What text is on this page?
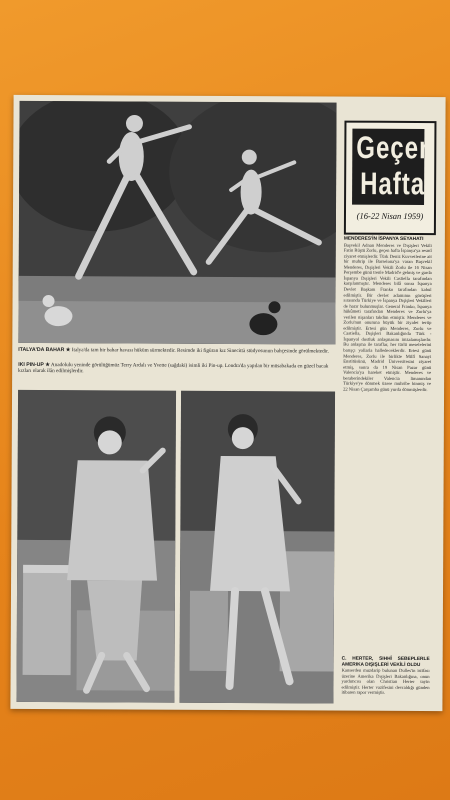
ITALYA'DA BAHAR ★ Italya'da tam bir bahar havası hüküm sürmektedir. Resimde iki figüran kız Sinecittà stüdyosunun bahçesinde görülmektedir.
IKI PIN-UP ★ Anadolulu yeninde görülüğümüz Terry Ardalı ve Yvette (sağdaki) isimli iki Pin-up. Londra'da yapılan bir müsabakada en güzel bacak kızları olarak ilân edilmişlerdir.
Geçen
Hafta
(16-22 Nisan 1959)
MENDERES'İN İSPANYA SEYAHATI
Başvekil Adnan Menderes ve Dışişleri Vekili Fatin Rüştü Zorlu, geçen hafta İspanya'ya resmî ziyaret etmişlerdir. Türk Deniz Kuvvetlerine ait bir muhrip ile Barselona'ya varan Başvekil Menderes, Dışişleri Vekili Zorlu ile 16 Nisan Perşembe günü trenle Madrid'e gelmiş ve garda İspanya Dışişleri Vekili Castiella tarafından karşılanmıştır. Menderes bilâ sonra İspanya Devlet Başkanı Franko tarafından kabul edilmiştir. Bir devlet adamının görüşleri sırasında Türkiye ve İspanya Dışişleri Vekilleri de hazır bulunmuşlar. General Franko, İspanya hükûmeti tarafından Menderes ve Zorlu'ya verilen nişanları takdim etmiştir. Menderes ve Zorlu'nun onuruna büyük bir ziyafet tertip edilmiştir. Ertesi gün Menderes, Zorlu ve Castiella, Dışişleri Bakanlığında Türk - İspanyol dostluk anlaşmasını imzalamışlardır. Bu anlaşma ile taraflar, her türlü meselelerini barışçı yollarla halledeceklerdir. Ertesi günü Menderes, Zorlu ile birlikte Millî Sanayi Enstitüsünü, Madrid Üniversitesini ziyaret etmiş, sonra da 19 Nisan Pazar günü Valencia'ya hareket etmiştir. Menderes ve beraberindekiler Valencia limanından Türkiye'ye dönmek üzere muhribe binmiş ve 22 Nisan Çarşamba günü yurda dönmüşlerdir.
C. HERTER, SIHHÎ SEBEPLERLE AMERIKA DIŞIŞLERİ VEKİLİ OLDU
Kanserden muzdarip bulunan Dulles'in istifası üzerine Amerika Dışişleri Bakanlığına, onun yardımcısı olan Christian Herter tayin edilmiştir. Herter vazifesini devraldığı günden itibaren rapor vermiştir.
